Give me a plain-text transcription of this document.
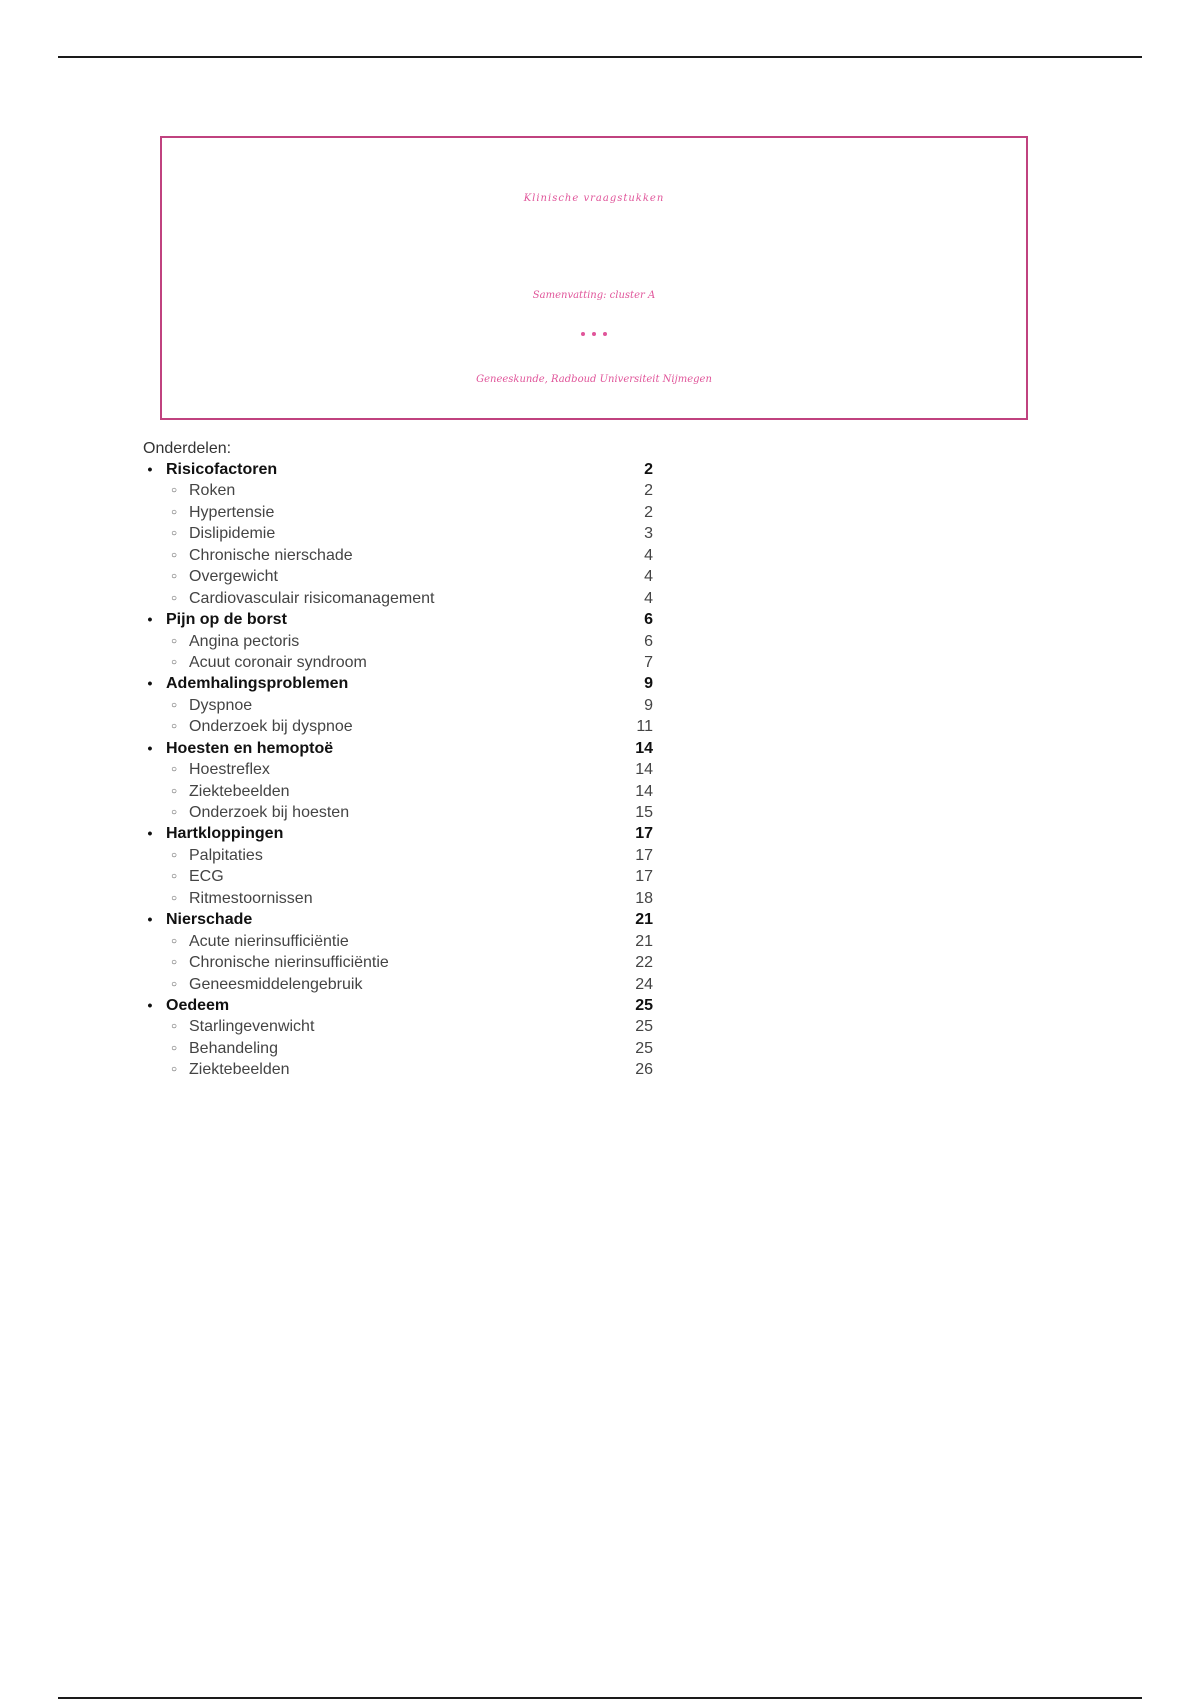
Klinische vraagstukken
Samenvatting: cluster A
Geneeskunde, Radboud Universiteit Nijmegen
Onderdelen:
• Risicofactoren	2
○ Roken	2
○ Hypertensie	2
○ Dislipidemie	3
○ Chronische nierschade	4
○ Overgewicht	4
○ Cardiovasculair risicomanagement	4
• Pijn op de borst	6
○ Angina pectoris	6
○ Acuut coronair syndroom	7
• Ademhalingsproblemen	9
○ Dyspnoe	9
○ Onderzoek bij dyspnoe	11
• Hoesten en hemoptoë	14
○ Hoestreflex	14
○ Ziektebeelden	14
○ Onderzoek bij hoesten	15
• Hartkloppingen	17
○ Palpitaties	17
○ ECG	17
○ Ritmestoornissen	18
• Nierschade	21
○ Acute nierinsufficiëntie	21
○ Chronische nierinsufficiëntie	22
○ Geneesmiddelengebruik	24
• Oedeem	25
○ Starlingevenwicht	25
○ Behandeling	25
○ Ziektebeelden	26
